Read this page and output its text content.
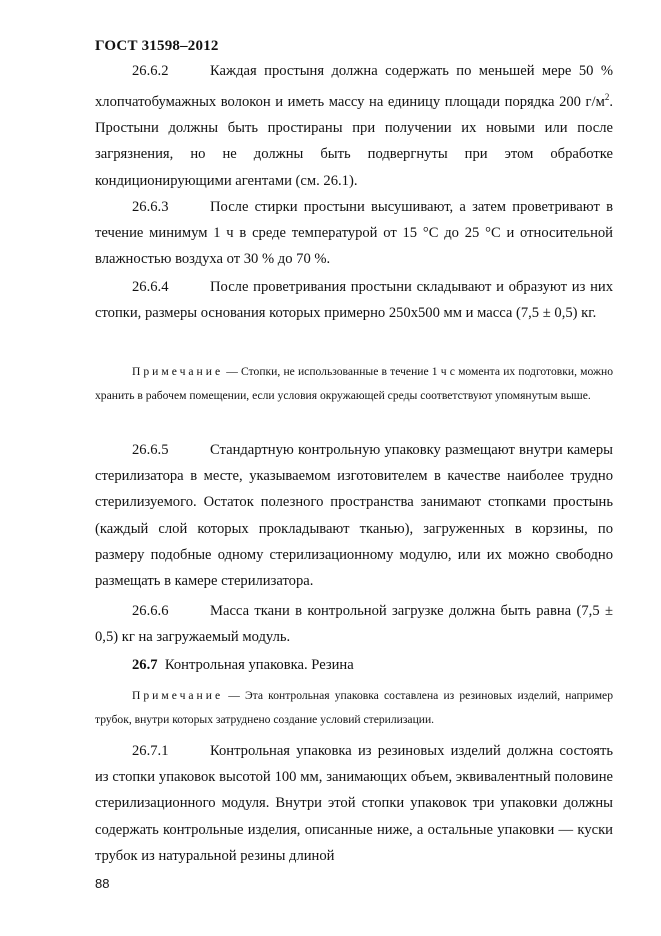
ГОСТ 31598–2012

26.6.2	Каждая простыня должна содержать по меньшей мере 50 % хлопчатобумажных волокон и иметь массу на единицу площади порядка 200 $г/м^2$. Простыни должны быть простираны при получении их новыми или после загрязнения, но не должны быть подвергнуты при этом обработке кондиционирующими агентами (см. 26.1).

26.6.3	После стирки простыни высушивают, а затем проветривают в течение минимум 1 ч в среде температурой от 15 °С до 25 °С и относительной влажностью воздуха от 30 % до 70 %.

26.6.4	После проветривания простыни складывают и образуют из них стопки, размеры основания которых примерно 250х500 мм и масса (7,5 ± 0,5) кг.

Примечание — Стопки, не использованные в течение 1 ч с момента их подготовки, можно хранить в рабочем помещении, если условия окружающей среды соответствуют упомянутым выше.

26.6.5	Стандартную контрольную упаковку размещают внутри камеры стерилизатора в месте, указываемом изготовителем в качестве наиболее трудно стерилизуемого. Остаток полезного пространства занимают стопками простынь (каждый слой которых прокладывают тканью), загруженных в корзины, по размеру подобные одному стерилизационному модулю, или их можно свободно размещать в камере стерилизатора.

26.6.6	Масса ткани в контрольной загрузке должна быть равна (7,5 ± 0,5) кг на загружаемый модуль.

26.7 Контрольная упаковка. Резина

Примечание — Эта контрольная упаковка составлена из резиновых изделий, например трубок, внутри которых затруднено создание условий стерилизации.

26.7.1	Контрольная упаковка из резиновых изделий должна состоять из стопки упаковок высотой 100 мм, занимающих объем, эквивалентный половине стерилизационного модуля. Внутри этой стопки упаковок три упаковки должны содержать контрольные изделия, описанные ниже, а остальные упаковки — куски трубок из натуральной резины длиной

88
